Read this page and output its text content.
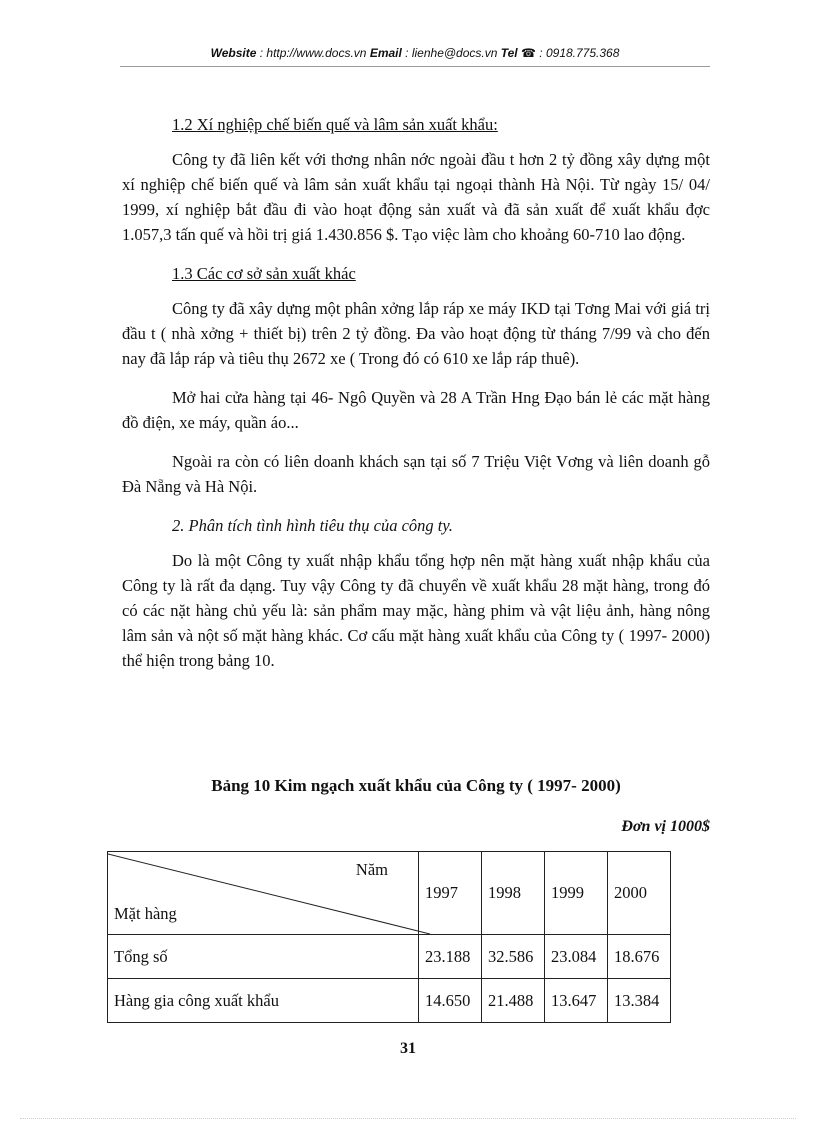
Website : http://www.docs.vn Email : lienhe@docs.vn Tel ☎ : 0918.775.368

1.2 Xí nghiệp chế biến quế và lâm sản xuất khẩu:

Công ty đã liên kết với thơng nhân nớc ngoài đầu t hơn 2 tỷ đồng xây dựng một xí nghiệp chế biến quế và lâm sản xuất khẩu tại ngoại thành Hà Nội. Từ ngày 15/ 04/ 1999, xí nghiệp bắt đầu đi vào hoạt động sản xuất và đã sản xuất để xuất khẩu đợc 1.057,3 tấn quế và hồi trị giá 1.430.856 $. Tạo việc làm cho khoảng 60-710 lao động.

1.3 Các cơ sở sản xuất khác

Công ty đã xây dựng một phân xởng lắp ráp xe máy IKD tại Tơng Mai với giá trị đầu t ( nhà xởng + thiết bị) trên 2 tỷ đồng. Đa vào hoạt động từ tháng 7/99 và cho đến nay đã lắp ráp và tiêu thụ 2672 xe ( Trong đó có 610 xe lắp ráp thuê).

Mở hai cửa hàng tại 46- Ngô Quyền và 28 A Trần Hng Đạo bán lẻ các mặt hàng đồ điện, xe máy, quần áo...

Ngoài ra còn có liên doanh khách sạn tại số 7 Triệu Việt Vơng và liên doanh gỗ Đà Nẵng và Hà Nội.

2. Phân tích tình hình tiêu thụ của công ty.

Do là một Công ty xuất nhập khẩu tổng hợp nên mặt hàng xuất nhập khẩu của Công ty là rất đa dạng. Tuy vậy Công ty đã chuyển về xuất khẩu 28 mặt hàng, trong đó có các nặt hàng chủ yếu là: sản phẩm may mặc, hàng phim và vật liệu ảnh, hàng nông lâm sản và nột số mặt hàng khác. Cơ cấu mặt hàng xuất khẩu của Công ty ( 1997- 2000) thể hiện trong bảng 10.

Bảng 10 Kim ngạch xuất khẩu của Công ty ( 1997- 2000)
Đơn vị 1000$
Năm
Mặt hàng	1997	1998	1999	2000
Tổng số	23.188	32.586	23.084	18.676
Hàng gia công xuất khẩu	14.650	21.488	13.647	13.384
31
